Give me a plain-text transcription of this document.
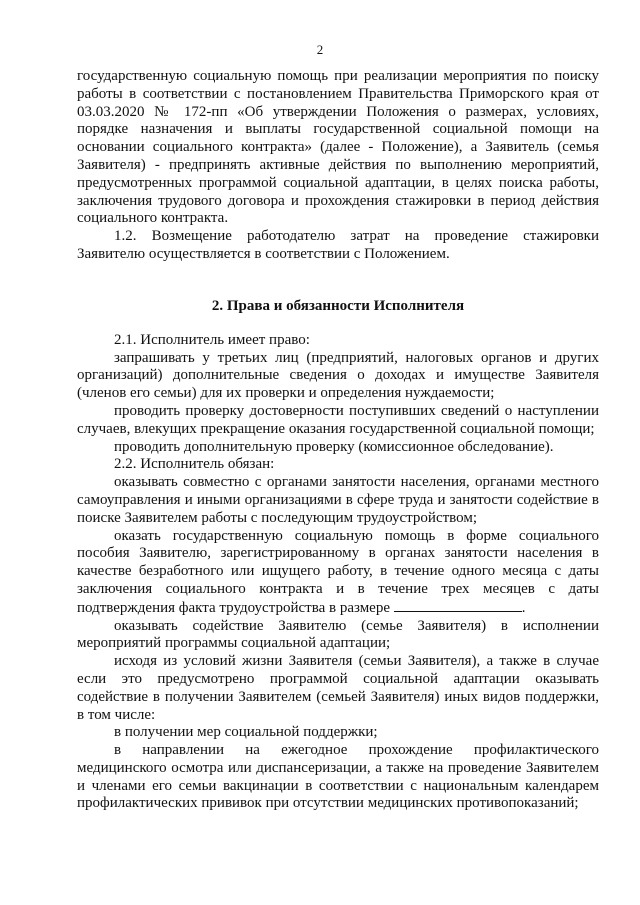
2

государственную социальную помощь при реализации мероприятия по поиску работы в соответствии с постановлением Правительства Приморского края от 03.03.2020 № 172-пп «Об утверждении Положения о размерах, условиях, порядке назначения и выплаты государственной социальной помощи на основании социального контракта» (далее - Положение), а Заявитель (семья Заявителя) - предпринять активные действия по выполнению мероприятий, предусмотренных программой социальной адаптации, в целях поиска работы, заключения трудового договора и прохождения стажировки в период действия социального контракта.

1.2. Возмещение работодателю затрат на проведение стажировки Заявителю осуществляется в соответствии с Положением.

2. Права и обязанности Исполнителя

2.1. Исполнитель имеет право:

запрашивать у третьих лиц (предприятий, налоговых органов и других организаций) дополнительные сведения о доходах и имуществе Заявителя (членов его семьи) для их проверки и определения нуждаемости;

проводить проверку достоверности поступивших сведений о наступлении случаев, влекущих прекращение оказания государственной социальной помощи;

проводить дополнительную проверку (комиссионное обследование).

2.2. Исполнитель обязан:

оказывать совместно с органами занятости населения, органами местного самоуправления и иными организациями в сфере труда и занятости содействие в поиске Заявителем работы с последующим трудоустройством;

оказать государственную социальную помощь в форме социального пособия Заявителю, зарегистрированному в органах занятости населения в качестве безработного или ищущего работу, в течение одного месяца с даты заключения социального контракта и в течение трех месяцев с даты подтверждения факта трудоустройства в размере	.

оказывать содействие Заявителю (семье Заявителя) в исполнении мероприятий программы социальной адаптации;

исходя из условий жизни Заявителя (семьи Заявителя), а также в случае если это предусмотрено программой социальной адаптации оказывать содействие в получении Заявителем (семьей Заявителя) иных видов поддержки, в том числе:

в получении мер социальной поддержки;

в направлении на ежегодное прохождение профилактического медицинского осмотра или диспансеризации, а также на проведение Заявителем и членами его семьи вакцинации в соответствии с национальным календарем профилактических прививок при отсутствии медицинских противопоказаний;
